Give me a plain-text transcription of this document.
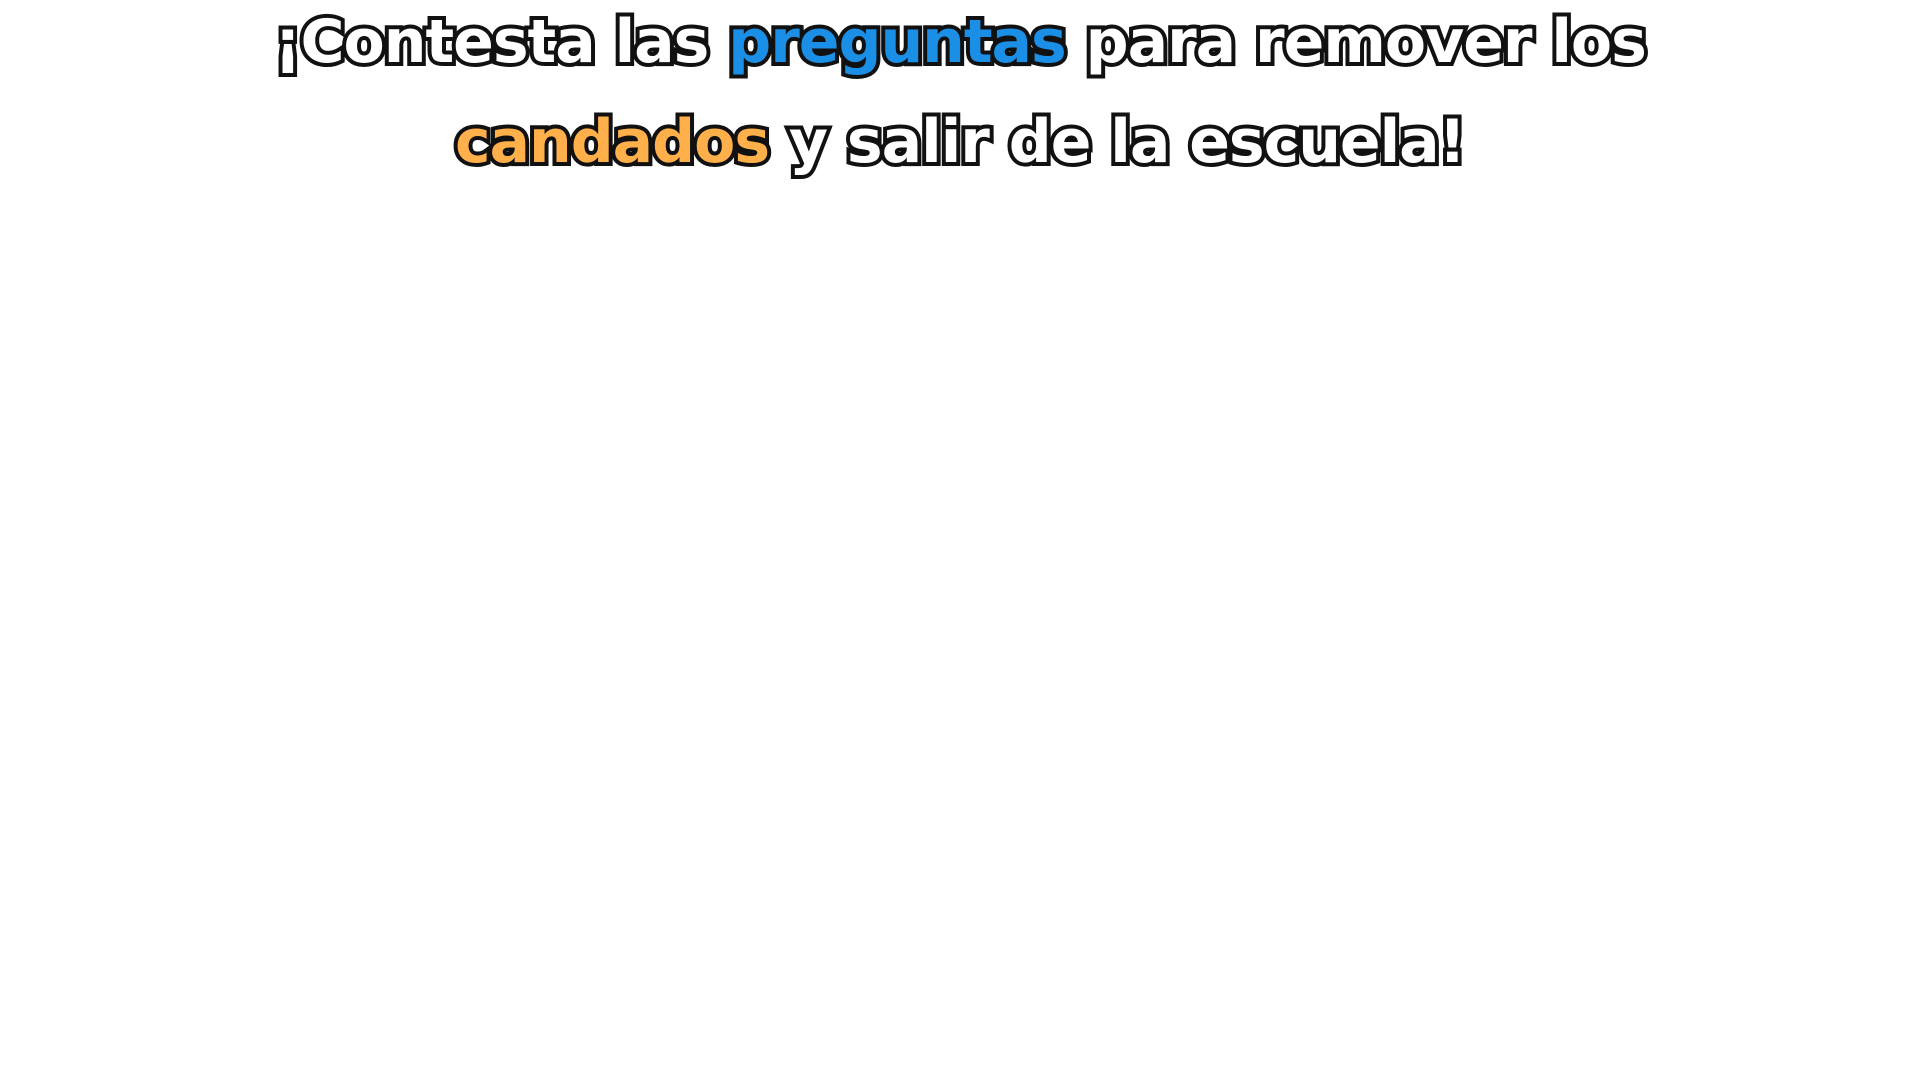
¡Contesta las preguntas para remover los
candados y salir de la escuela!
